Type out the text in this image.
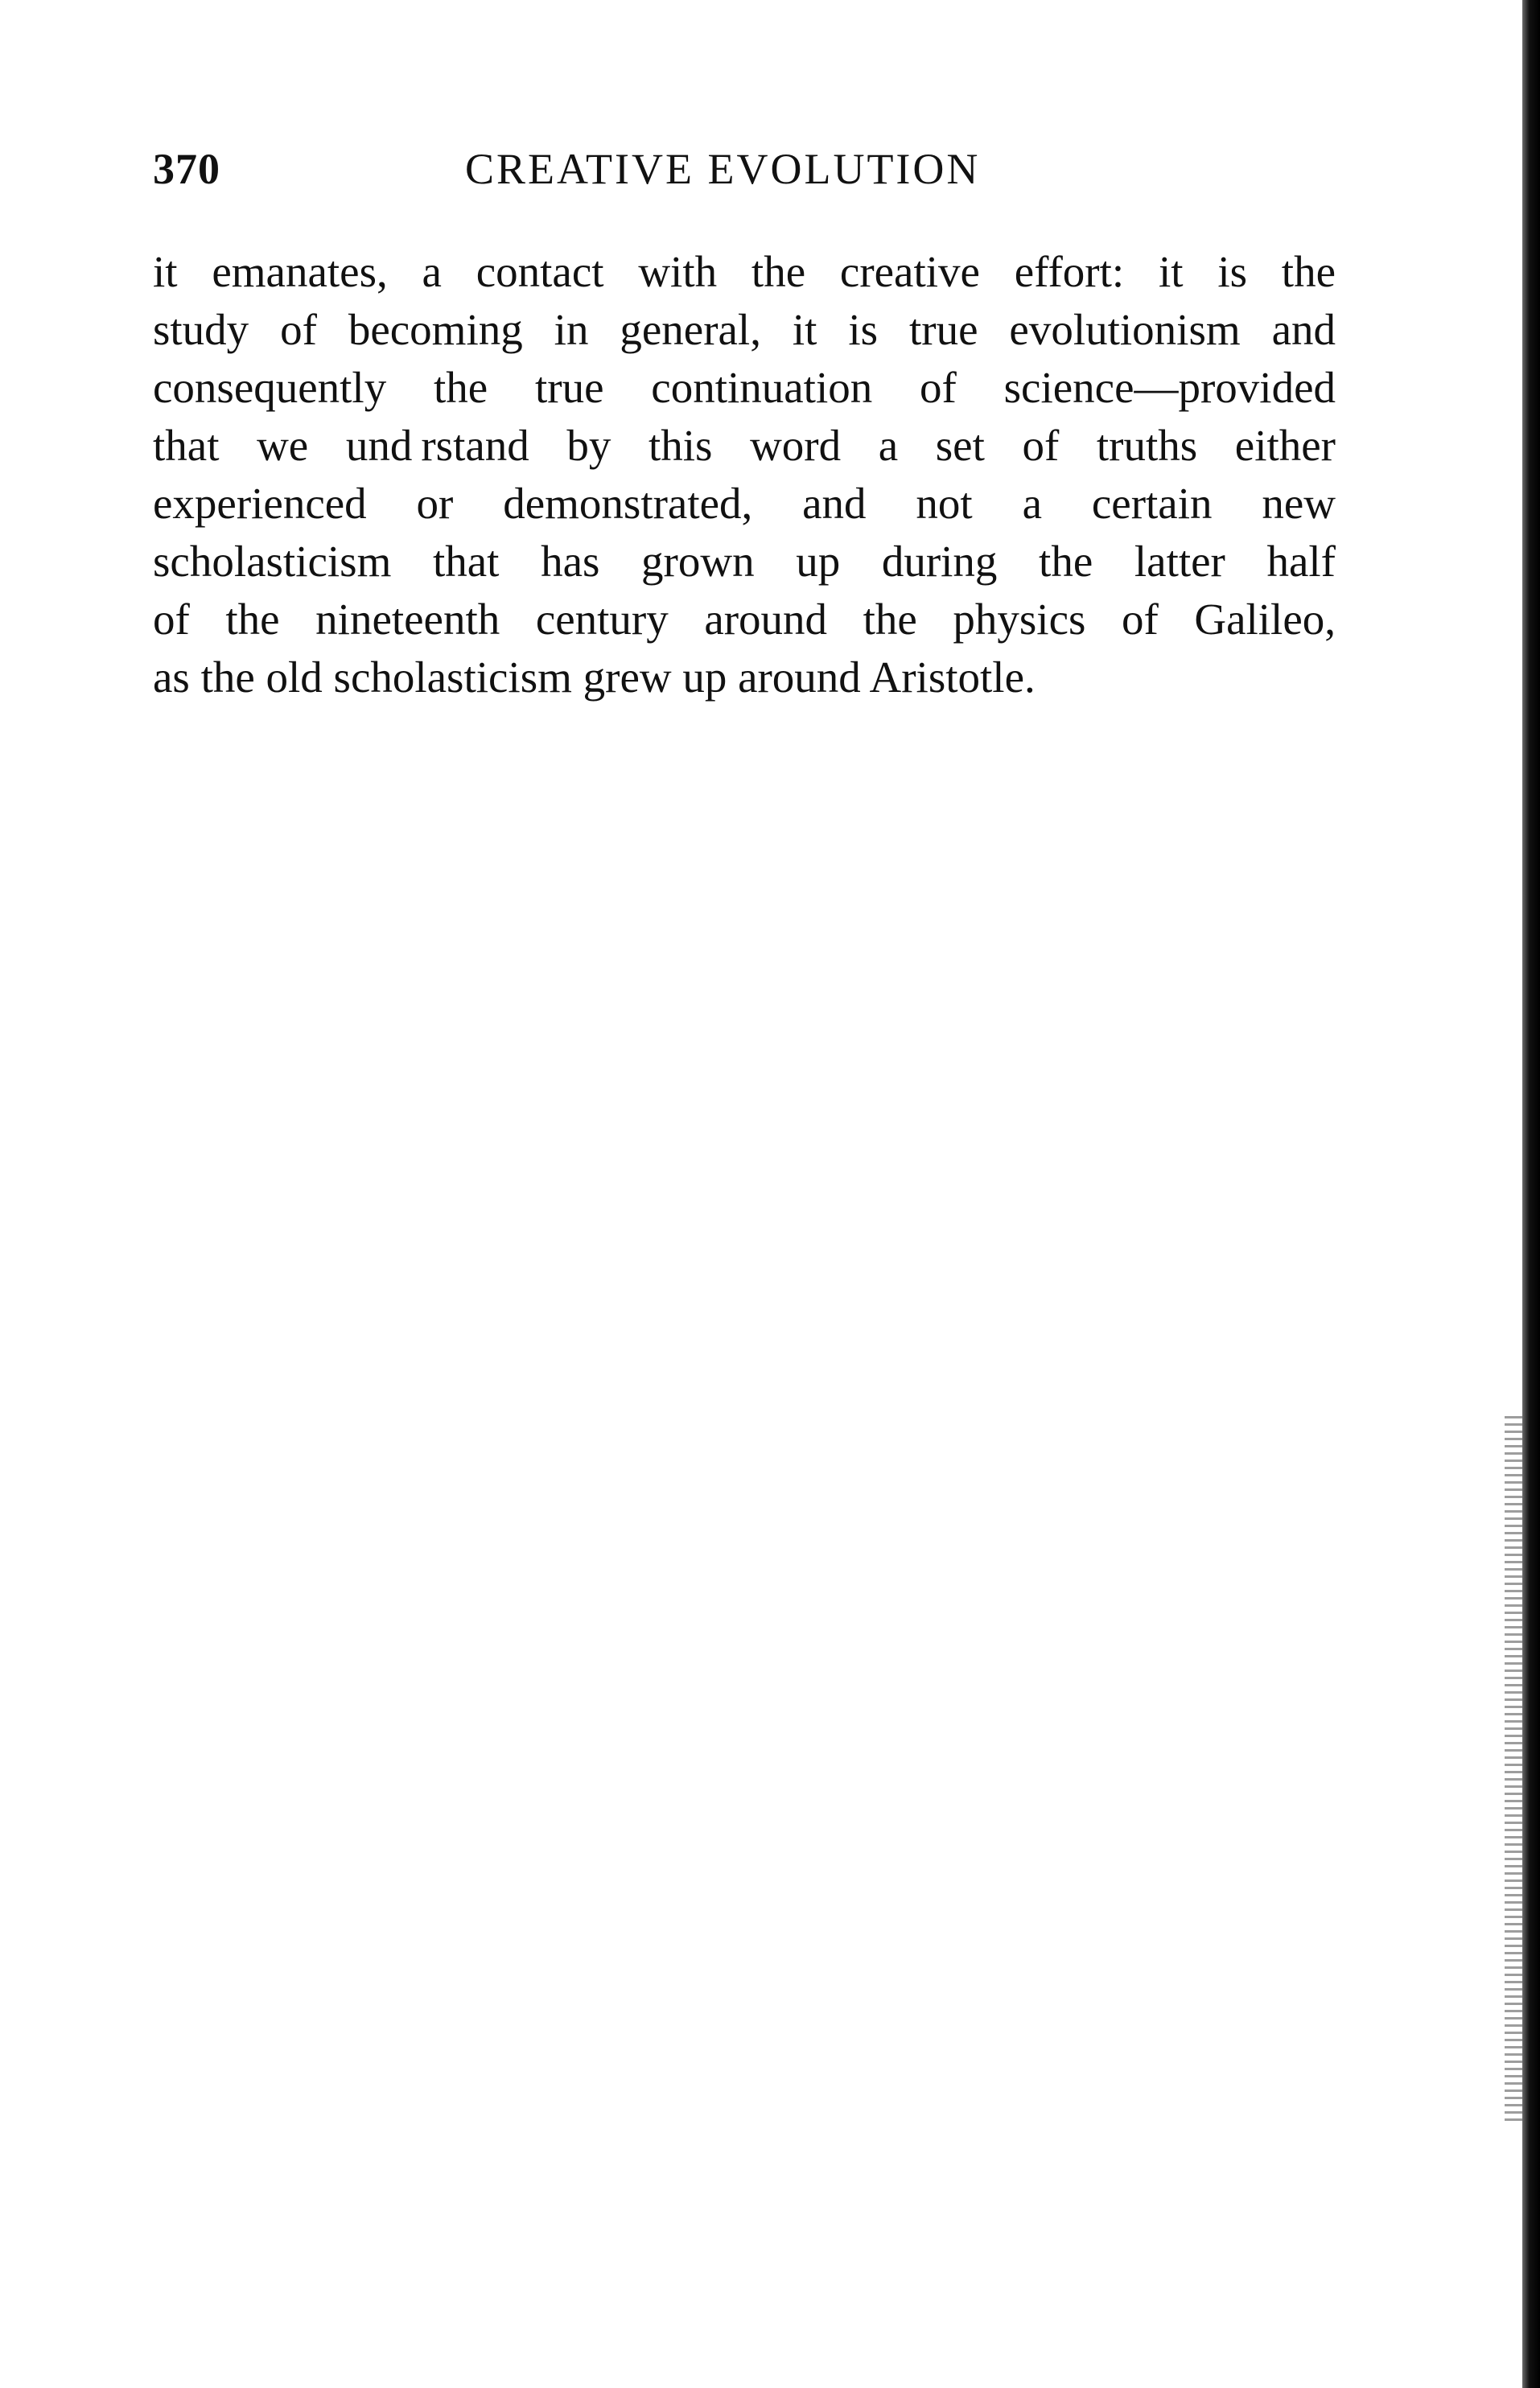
370	CREATIVE EVOLUTION
it emanates, a contact with the creative effort: it is the
study of becoming in general, it is true evolutionism and
consequently the true continuation of science—provided
that we und rstand by this word a set of truths either
experienced or demonstrated, and not a certain new
scholasticism that has grown up during the latter half
of the nineteenth century around the physics of Galileo,
as the old scholasticism grew up around Aristotle.
